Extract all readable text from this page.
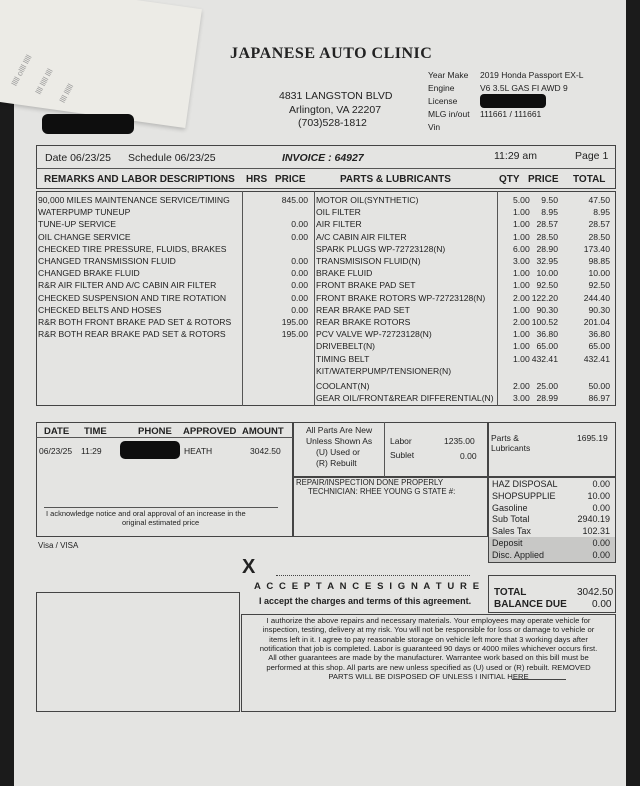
lllll ollll lllll llll lllll llll llll llllll
JAPANESE AUTO CLINIC
4831 LANGSTON BLVD
Arlington, VA 22207
(703)528-1812
Year Make 2019 Honda Passport EX-L
Engine	V6 3.5L GAS FI AWD 9
License
MLG in/out 111661 / 111661
Vin
Date 06/23/25 Schedule 06/23/25	INVOICE : 64927	11:29 am	Page 1
REMARKS AND LABOR DESCRIPTIONS HRS PRICE	PARTS & LUBRICANTS	QTY PRICE TOTAL
90,000 MILES MAINTENANCE SERVICE/TIMING	845.00
WATERPUMP TUNEUP
TUNE-UP SERVICE	0.00
OIL CHANGE SERVICE	0.00
CHECKED TIRE PRESSURE, FLUIDS, BRAKES
CHANGED TRANSMISSION FLUID	0.00
CHANGED BRAKE FLUID	0.00
R&R AIR FILTER AND A/C CABIN AIR FILTER	0.00
CHECKED SUSPENSION AND TIRE ROTATION	0.00
CHECKED BELTS AND HOSES	0.00
R&R BOTH FRONT BRAKE PAD SET & ROTORS	195.00
R&R BOTH REAR BRAKE PAD SET & ROTORS	195.00
MOTOR OIL(SYNTHETIC)	5.00 9.50	47.50
OIL FILTER	1.00 8.95	8.95
AIR FILTER	1.00 28.57	28.57
A/C CABIN AIR FILTER	1.00 28.50	28.50
SPARK PLUGS WP-72723128(N)	6.00 28.90	173.40
TRANSMISISON FLUID(N)	3.00 32.95	98.85
BRAKE FLUID	1.00 10.00	10.00
FRONT BRAKE PAD SET	1.00 92.50	92.50
FRONT BRAKE ROTORS WP-72723128(N)	2.00 122.20	244.40
REAR BRAKE PAD SET	1.00 90.30	90.30
REAR BRAKE ROTORS	2.00 100.52	201.04
PCV VALVE WP-72723128(N)	1.00 36.80	36.80
DRIVEBELT(N)	1.00 65.00	65.00
TIMING BELT	1.00 432.41	432.41
KIT/WATERPUMP/TENSIONER(N)
COOLANT(N)	2.00 25.00	50.00
GEAR OIL/FRONT&REAR DIFFERENTIAL(N) 3.00 28.99	86.97
DATE TIME	PHONE APPROVED AMOUNT
06/23/25 11:29	HEATH	3042.50
I acknowledge notice and oral approval of an increase in the
original estimated price
Visa / VISA
All Parts Are New
Unless Shown As
(U) Used or
(R) Rebuilt
Labor	1235.00
Sublet	0.00
Parts &
Lubricants
1695.19
REPAIR/INSPECTION DONE PROPERLY
TECHNICIAN: RHEE YOUNG G STATE #:
HAZ DISPOSAL	0.00
SHOPSUPPLIE	10.00
Gasoline	0.00
Sub Total	2940.19
Sales Tax	102.31
Deposit	0.00
Disc. Applied	0.00
X
A C C E P T A N C E S I G N A T U R E
I accept the charges and terms of this agreement.
TOTAL	3042.50
BALANCE DUE	0.00
I authorize the above repairs and necessary materials. Your employees may operate vehicle for
inspection, testing, delivery at my risk. You will not be responsible for loss or damage to vehicle or
items left in it. I agree to pay reasonable storage on vehicle left more that 3 working days after
notification that job is completed. Labor is guaranteed 90 days or 4000 miles whichever occurs first.
All other guarantees are made by the manufacturer. Warrantee work based on this bill must be
performed at this shop. All parts are new unless specified as (U) used or (R) rebuilt. REMOVED
PARTS WILL BE DISPOSED OF UNLESS I INITIAL HERE
